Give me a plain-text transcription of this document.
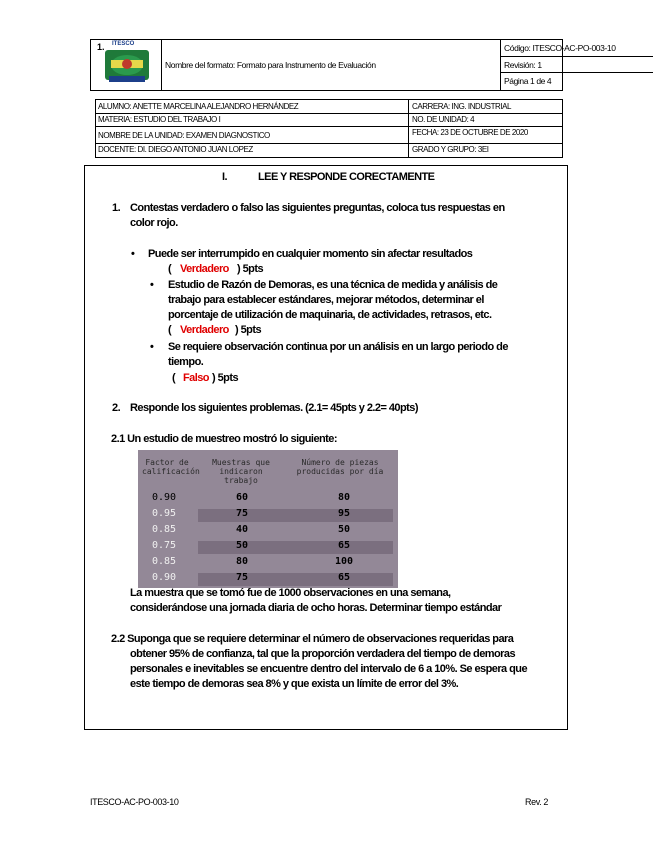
1. ITESCO
Nombre del formato: Formato para Instrumento de Evaluación
Código: ITESCO-AC-PO-003-10
Revisión: 1
Página 1 de 4
ALUMNO: ANETTE MARCELINA ALEJANDRO HERNÁNDEZ	CARRERA: ING. INDUSTRIAL
MATERIA: ESTUDIO DEL TRABAJO I	NO. DE UNIDAD: 4
NOMBRE DE LA UNIDAD: EXAMEN DIAGNOSTICO	FECHA: 23 DE OCTUBRE DE 2020
DOCENTE: DI. DIEGO ANTONIO JUAN LOPEZ	GRADO Y GRUPO: 3EI
I.	LEE Y RESPONDE CORECTAMENTE
1. Contestas verdadero o falso las siguientes preguntas, coloca tus respuestas en
color rojo.
• Puede ser interrumpido en cualquier momento sin afectar resultados
( Verdadero ) 5pts
• Estudio de Razón de Demoras, es una técnica de medida y análisis de
trabajo para establecer estándares, mejorar métodos, determinar el
porcentaje de utilización de maquinaria, de actividades, retrasos, etc.
( Verdadero ) 5pts
• Se requiere observación continua por un análisis en un largo periodo de
tiempo.
( Falso ) 5pts
2. Responde los siguientes problemas. (2.1= 45pts y 2.2= 40pts)
2.1 Un estudio de muestreo mostró lo siguiente:
Factor de calificación
Muestras que indicaron trabajo
Número de piezas producidas por día
0.90	60	80
0.95	75	95
0.85	40	50
0.75	50	65
0.85	80	100
0.90	75	65
La muestra que se tomó fue de 1000 observaciones en una semana,
considerándose una jornada diaria de ocho horas. Determinar tiempo estándar
2.2 Suponga que se requiere determinar el número de observaciones requeridas para
obtener 95% de confianza, tal que la proporción verdadera del tiempo de demoras
personales e inevitables se encuentre dentro del intervalo de 6 a 10%. Se espera que
este tiempo de demoras sea 8% y que exista un límite de error del 3%.
ITESCO-AC-PO-003-10	Rev. 2
